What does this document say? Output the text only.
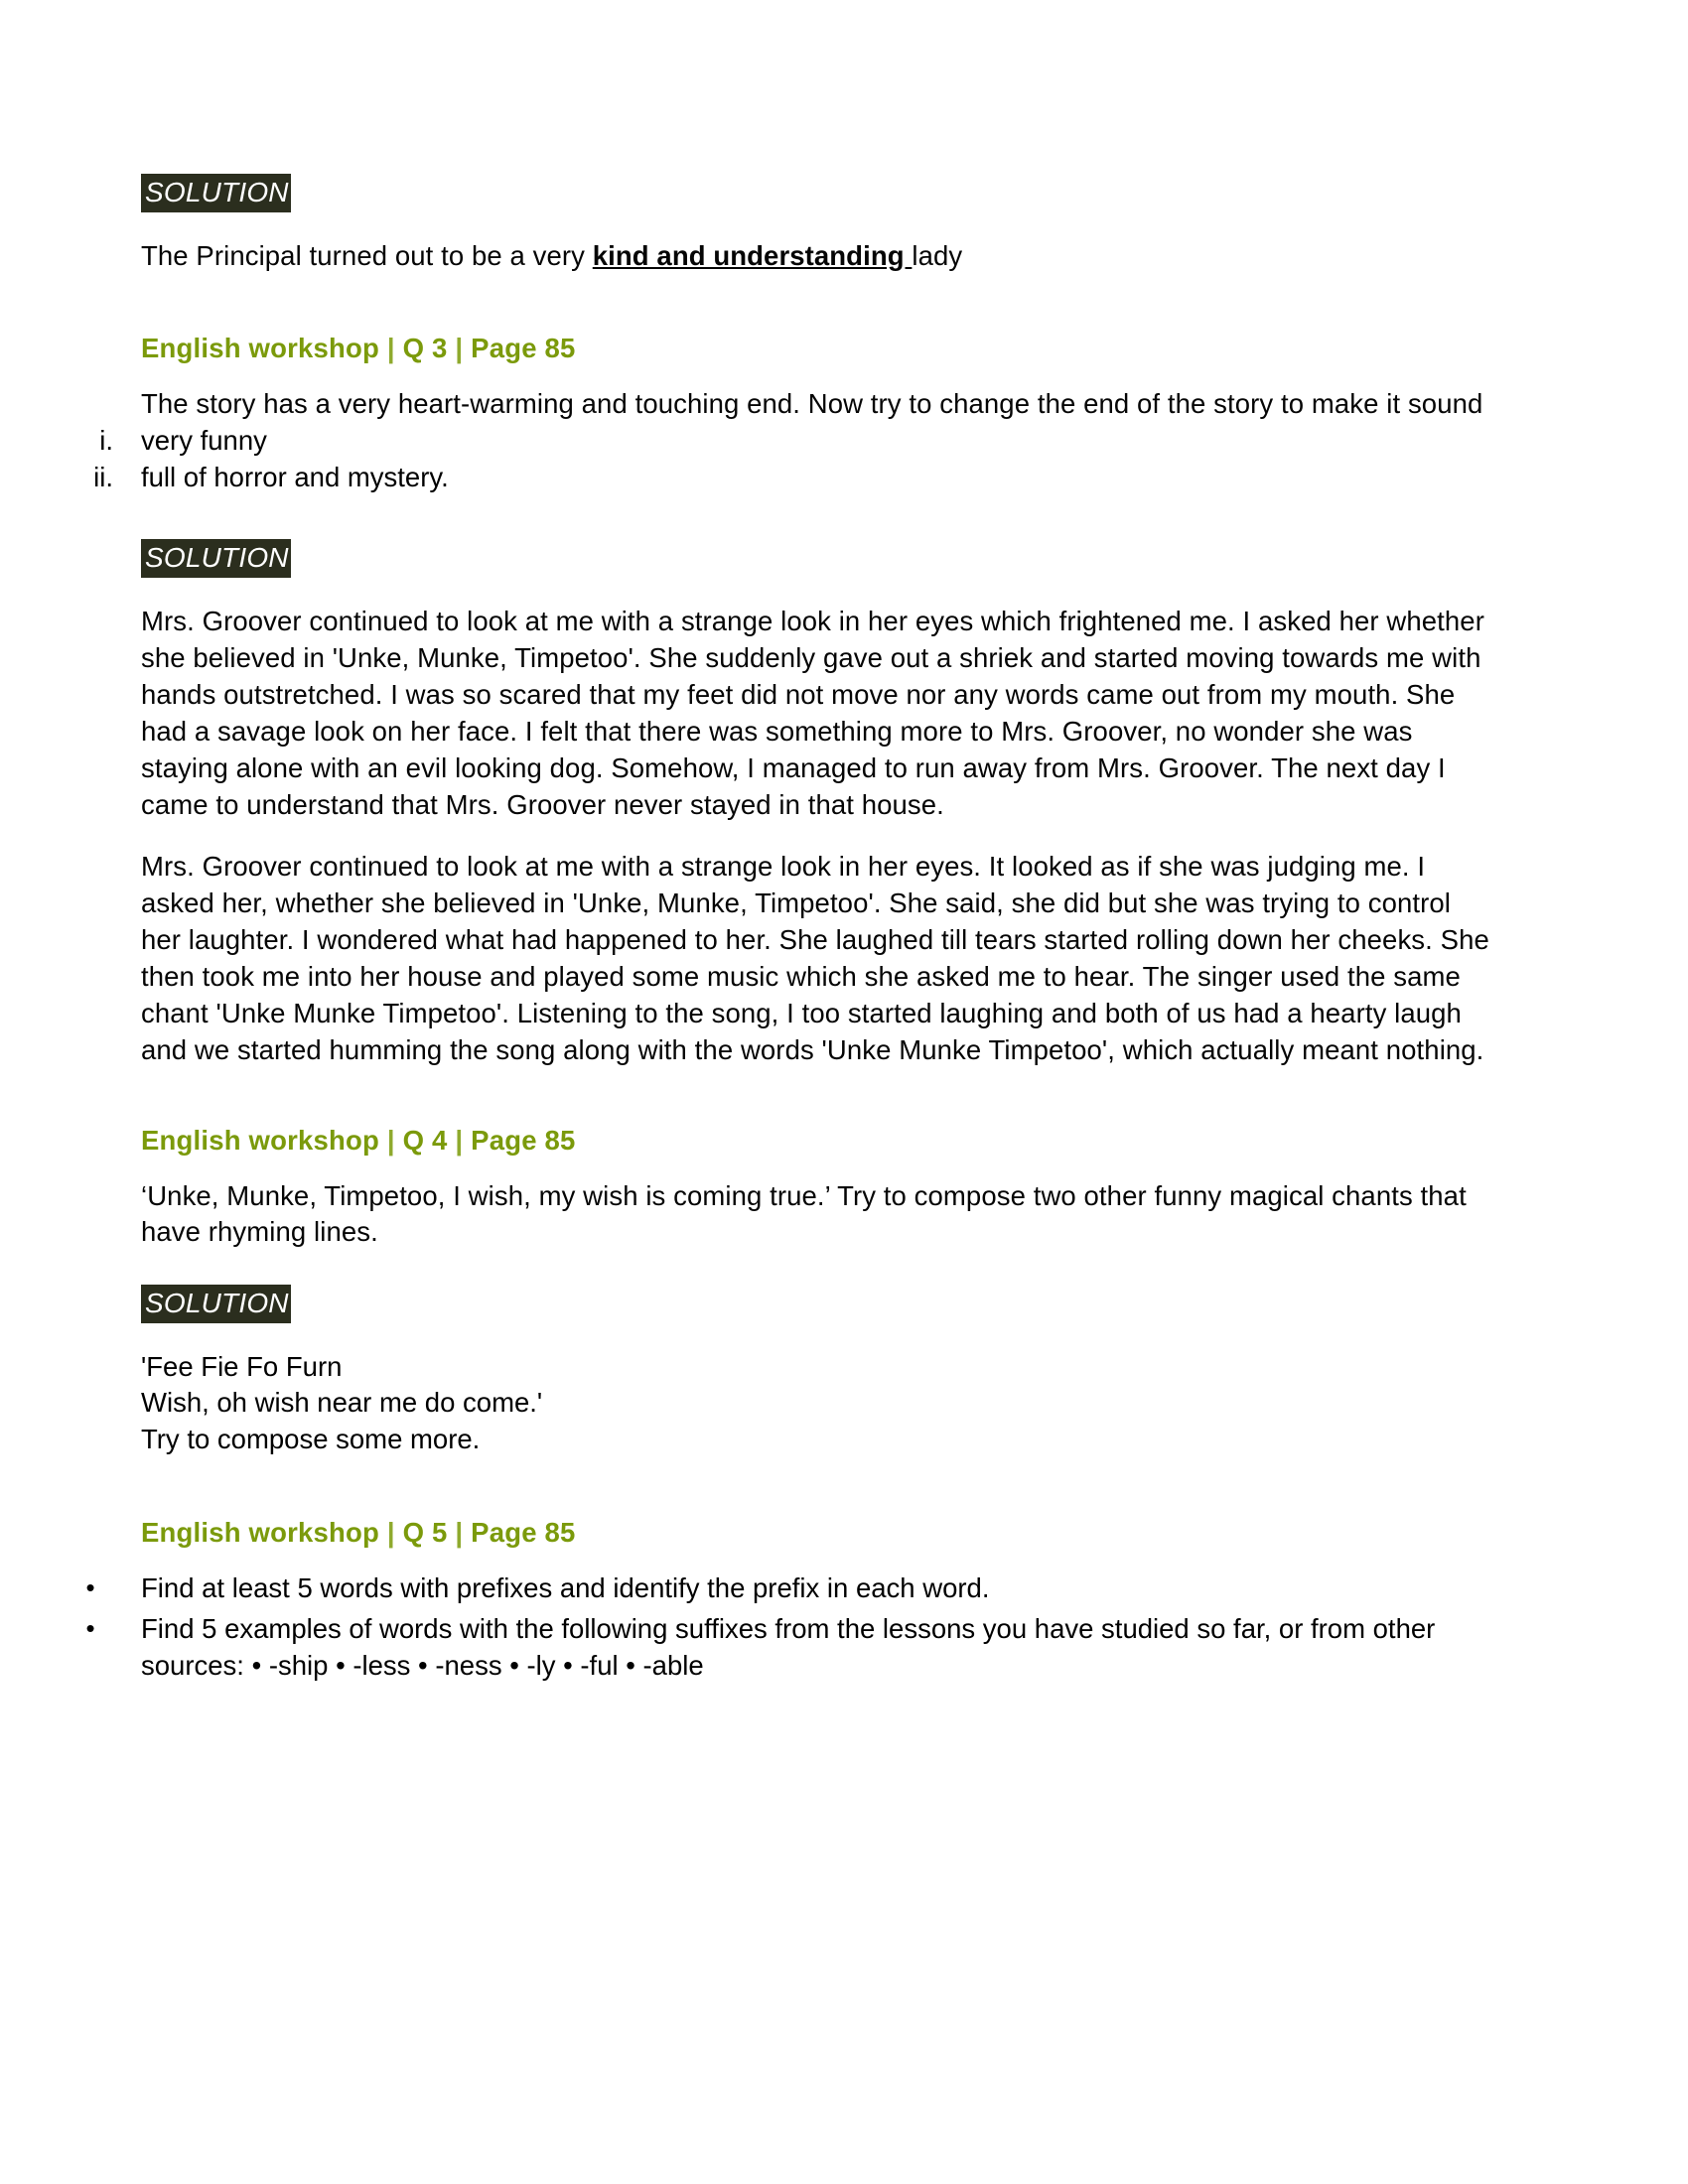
SOLUTION

The Principal turned out to be a very kind and understanding lady

English workshop | Q 3 | Page 85

The story has a very heart-warming and touching end. Now try to change the end of the story to make it sound

i. very funny
ii. full of horror and mystery.
SOLUTION

Mrs. Groover continued to look at me with a strange look in her eyes which frightened me. I asked her whether she believed in 'Unke, Munke, Timpetoo'. She suddenly gave out a shriek and started moving towards me with hands outstretched. I was so scared that my feet did not move nor any words came out from my mouth. She had a savage look on her face. I felt that there was something more to Mrs. Groover, no wonder she was staying alone with an evil looking dog. Somehow, I managed to run away from Mrs. Groover. The next day I came to understand that Mrs. Groover never stayed in that house.

Mrs. Groover continued to look at me with a strange look in her eyes. It looked as if she was judging me. I asked her, whether she believed in 'Unke, Munke, Timpetoo'. She said, she did but she was trying to control her laughter. I wondered what had happened to her. She laughed till tears started rolling down her cheeks. She then took me into her house and played some music which she asked me to hear. The singer used the same chant 'Unke Munke Timpetoo'. Listening to the song, I too started laughing and both of us had a hearty laugh and we started humming the song along with the words 'Unke Munke Timpetoo', which actually meant nothing.

English workshop | Q 4 | Page 85

‘Unke, Munke, Timpetoo, I wish, my wish is coming true.’ Try to compose two other funny magical chants that have rhyming lines.

SOLUTION
'Fee Fie Fo Furn
Wish, oh wish near me do come.'
Try to compose some more.
English workshop | Q 5 | Page 85
•	Find at least 5 words with prefixes and identify the prefix in each word.
•	Find 5 examples of words with the following suffixes from the lessons you have studied so far, or from other sources: • -ship • -less • -ness • -ly • -ful • -able
